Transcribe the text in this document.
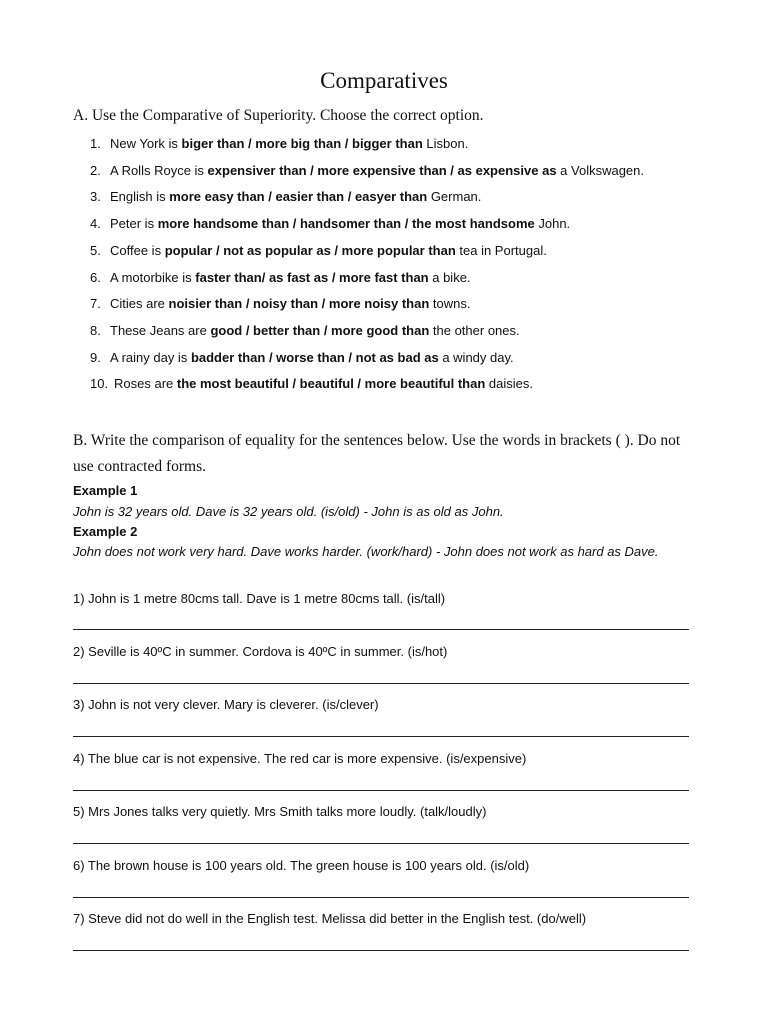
Comparatives
A. Use the Comparative of Superiority. Choose the correct option.
1. New York is biger than / more big than / bigger than Lisbon.
2. A Rolls Royce is expensiver than / more expensive than / as expensive as a Volkswagen.
3. English is more easy than / easier than / easyer than German.
4. Peter is more handsome than / handsomer than / the most handsome John.
5. Coffee is popular / not as popular as / more popular than tea in Portugal.
6. A motorbike is faster than/ as fast as / more fast than a bike.
7. Cities are noisier than / noisy than / more noisy than towns.
8. These Jeans are good / better than / more good than the other ones.
9. A rainy day is badder than / worse than / not as bad as a windy day.
10. Roses are the most beautiful / beautiful / more beautiful than daisies.
B. Write the comparison of equality for the sentences below. Use the words in brackets ( ). Do not use contracted forms.
Example 1
John is 32 years old. Dave is 32 years old. (is/old) - John is as old as John.
Example 2
John does not work very hard. Dave works harder. (work/hard) - John does not work as hard as Dave.
1) John is 1 metre 80cms tall. Dave is 1 metre 80cms tall. (is/tall)
2) Seville is 40ºC in summer. Cordova is 40ºC in summer. (is/hot)
3) John is not very clever. Mary is cleverer. (is/clever)
4) The blue car is not expensive. The red car is more expensive. (is/expensive)
5) Mrs Jones talks very quietly. Mrs Smith talks more loudly. (talk/loudly)
6) The brown house is 100 years old. The green house is 100 years old. (is/old)
7) Steve did not do well in the English test. Melissa did better in the English test. (do/well)
